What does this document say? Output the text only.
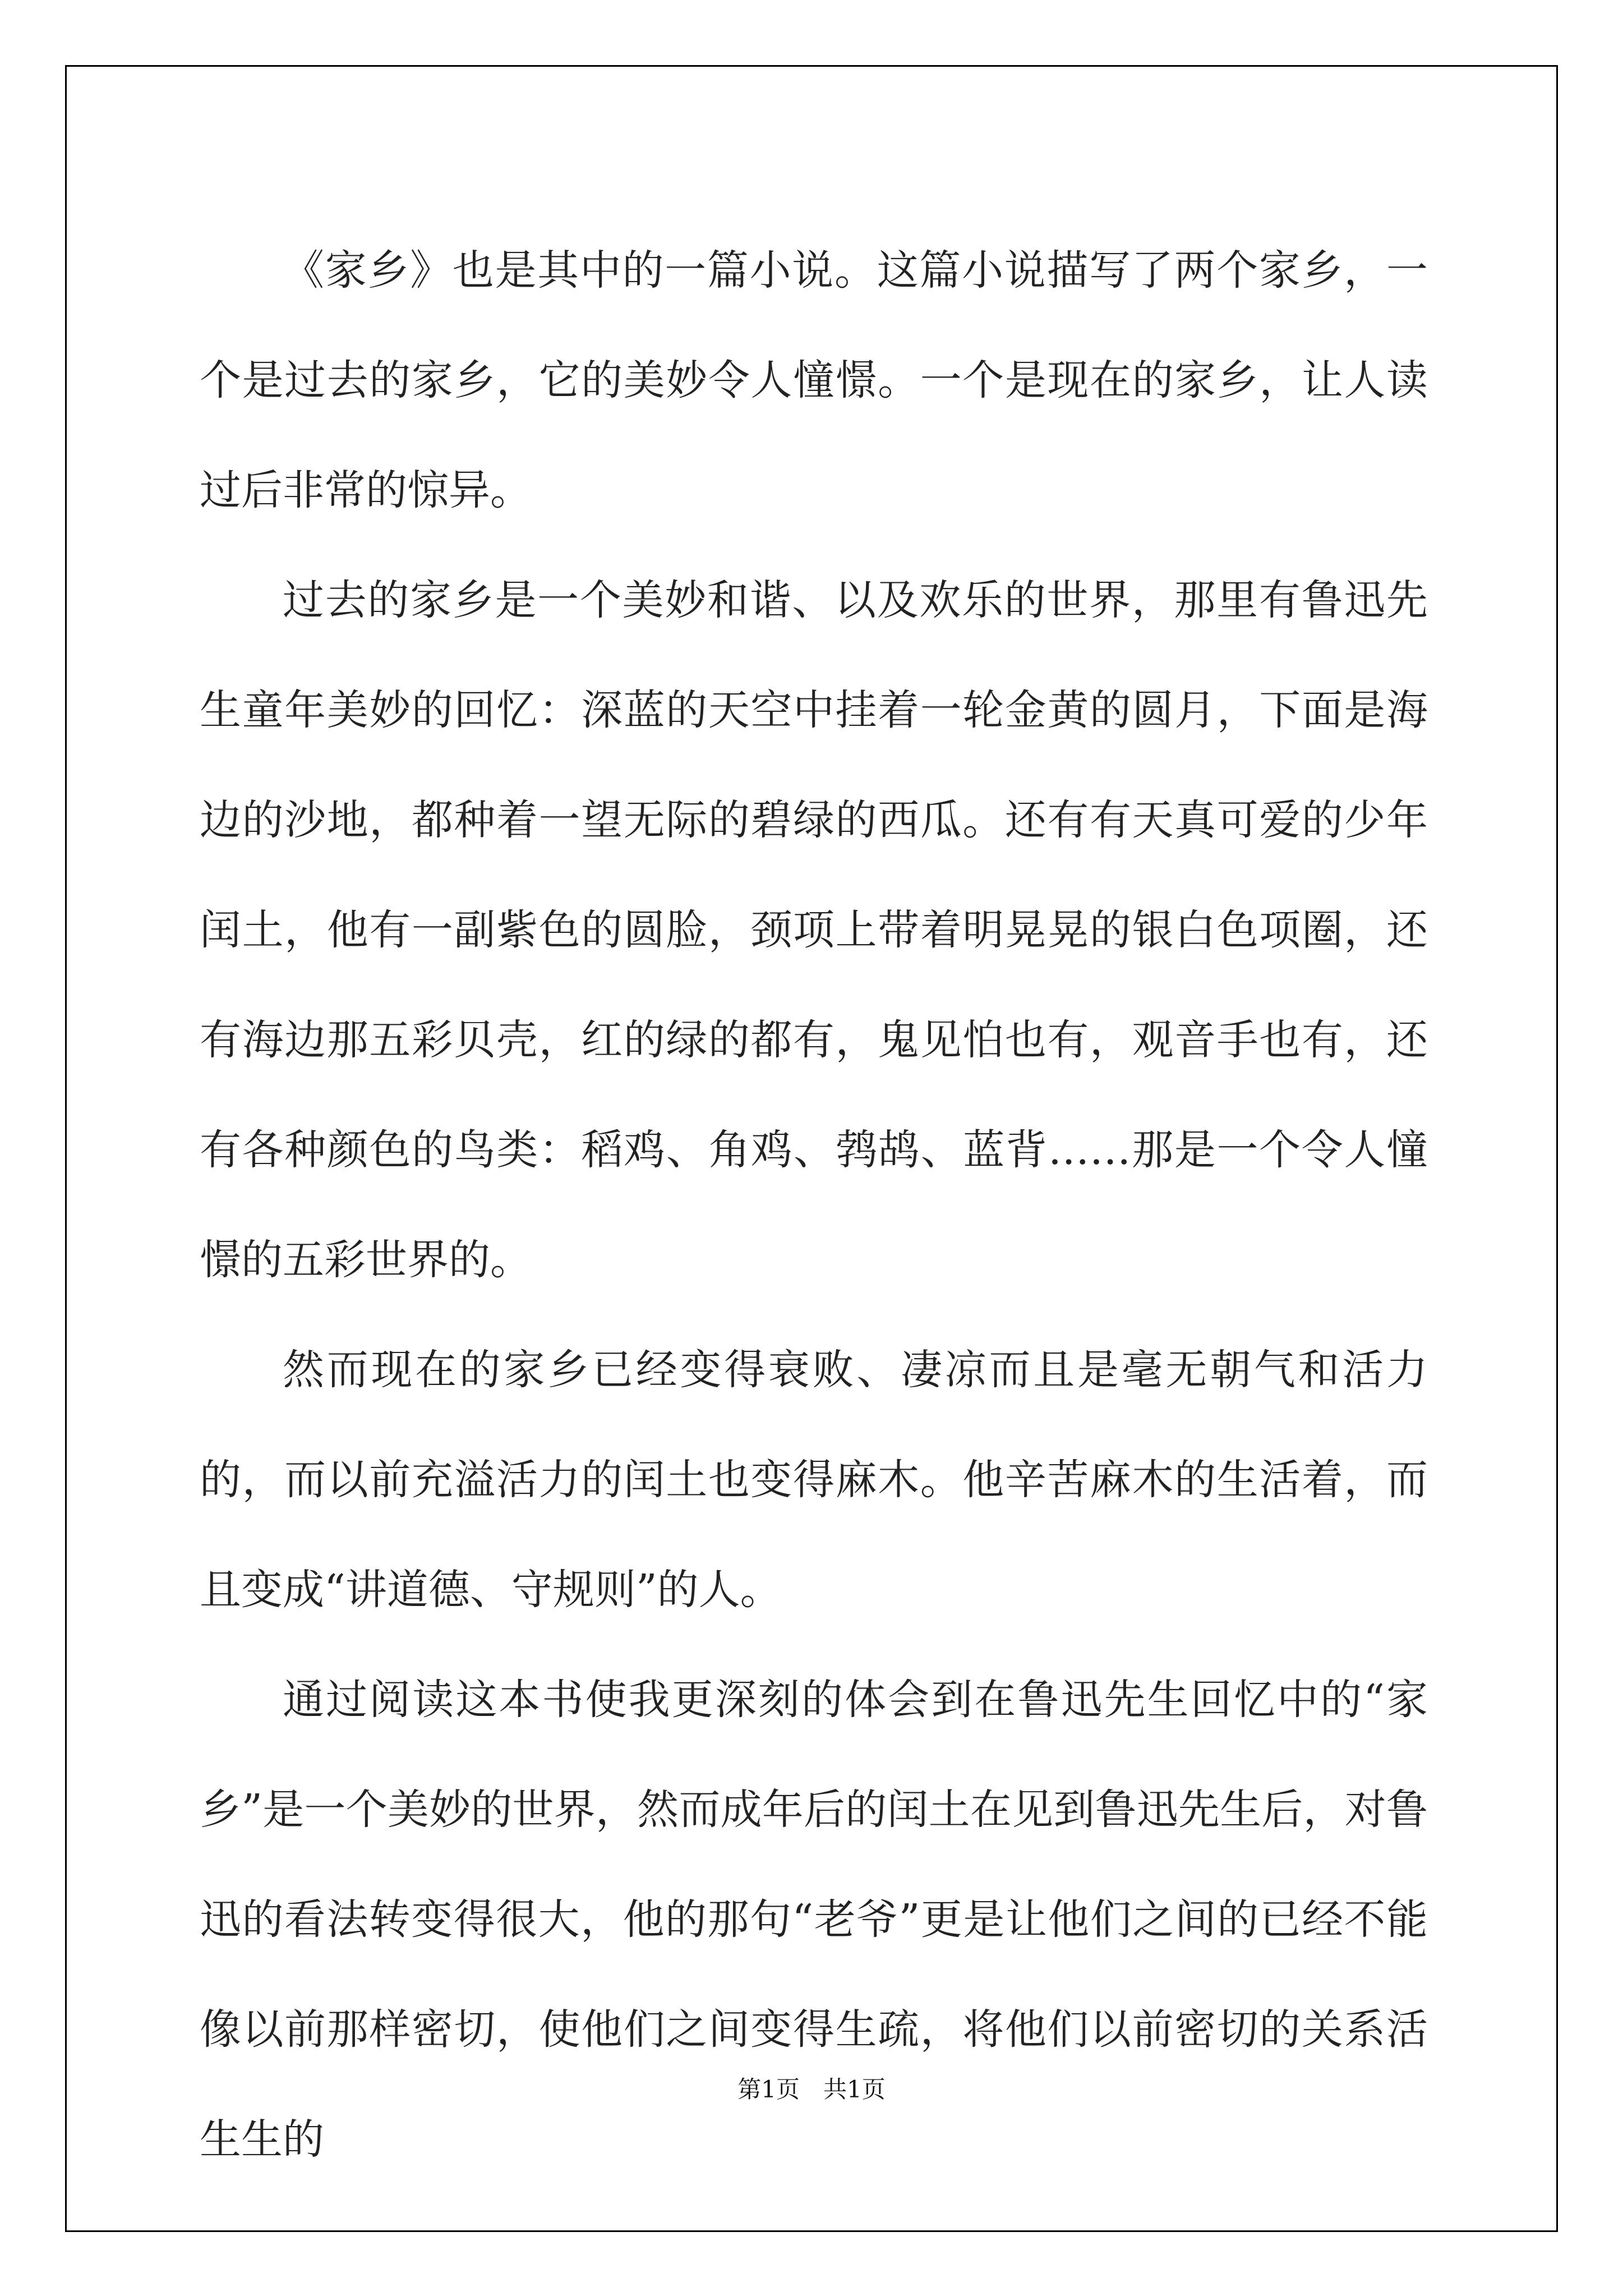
《家乡》也是其中的一篇小说。这篇小说描写了两个家乡，一个是过去的家乡，它的美妙令人憧憬。一个是现在的家乡，让人读过后非常的惊异。

过去的家乡是一个美妙和谐、以及欢乐的世界，那里有鲁迅先生童年美妙的回忆：深蓝的天空中挂着一轮金黄的圆月，下面是海边的沙地，都种着一望无际的碧绿的西瓜。还有有天真可爱的少年闰土，他有一副紫色的圆脸，颈项上带着明晃晃的银白色项圈，还有海边那五彩贝壳，红的绿的都有，鬼见怕也有，观音手也有，还有各种颜色的鸟类：稻鸡、角鸡、鹁鸪、蓝背……那是一个令人憧憬的五彩世界的。

然而现在的家乡已经变得衰败、凄凉而且是毫无朝气和活力的，而以前充溢活力的闰土也变得麻木。他辛苦麻木的生活着，而且变成“讲道德、守规则”的人。

通过阅读这本书使我更深刻的体会到在鲁迅先生回忆中的“家乡”是一个美妙的世界，然而成年后的闰土在见到鲁迅先生后，对鲁迅的看法转变得很大，他的那句“老爷”更是让他们之间的已经不能像以前那样密切，使他们之间变得生疏，将他们以前密切的关系活生生的

第1页　共1页
